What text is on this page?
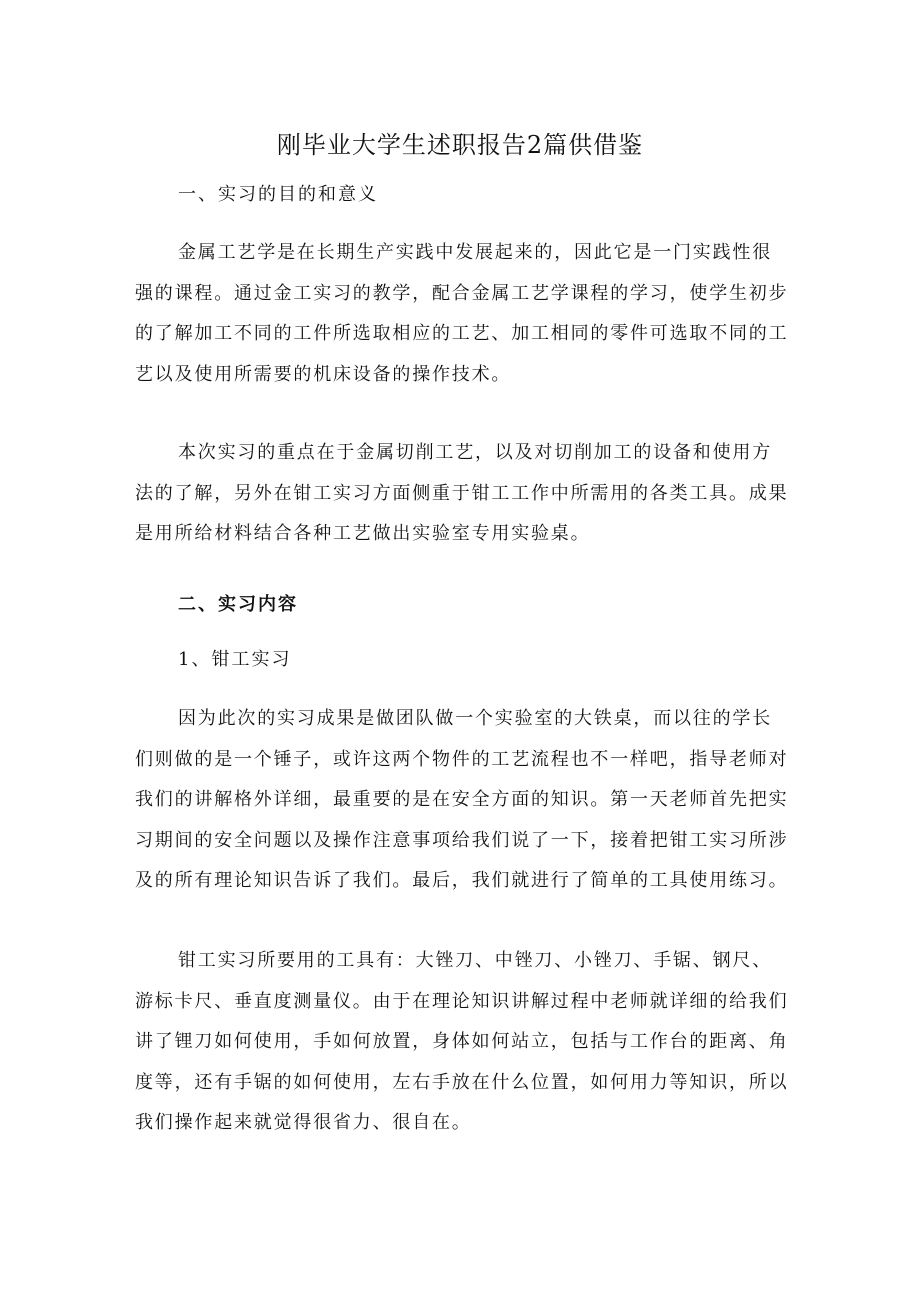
刚毕业大学生述职报告2篇供借鉴
一、实习的目的和意义
金属工艺学是在长期生产实践中发展起来的，因此它是一门实践性很
强的课程。通过金工实习的教学，配合金属工艺学课程的学习，使学生初步
的了解加工不同的工件所选取相应的工艺、加工相同的零件可选取不同的工
艺以及使用所需要的机床设备的操作技术。
本次实习的重点在于金属切削工艺，以及对切削加工的设备和使用方
法的了解，另外在钳工实习方面侧重于钳工工作中所需用的各类工具。成果
是用所给材料结合各种工艺做出实验室专用实验桌。
二、实习内容
1、钳工实习
因为此次的实习成果是做团队做一个实验室的大铁桌，而以往的学长
们则做的是一个锤子，或许这两个物件的工艺流程也不一样吧，指导老师对
我们的讲解格外详细，最重要的是在安全方面的知识。第一天老师首先把实
习期间的安全问题以及操作注意事项给我们说了一下，接着把钳工实习所涉
及的所有理论知识告诉了我们。最后，我们就进行了简单的工具使用练习。
钳工实习所要用的工具有：大锉刀、中锉刀、小锉刀、手锯、钢尺、
游标卡尺、垂直度测量仪。由于在理论知识讲解过程中老师就详细的给我们
讲了锂刀如何使用，手如何放置，身体如何站立，包括与工作台的距离、角
度等，还有手锯的如何使用，左右手放在什么位置，如何用力等知识，所以
我们操作起来就觉得很省力、很自在。
